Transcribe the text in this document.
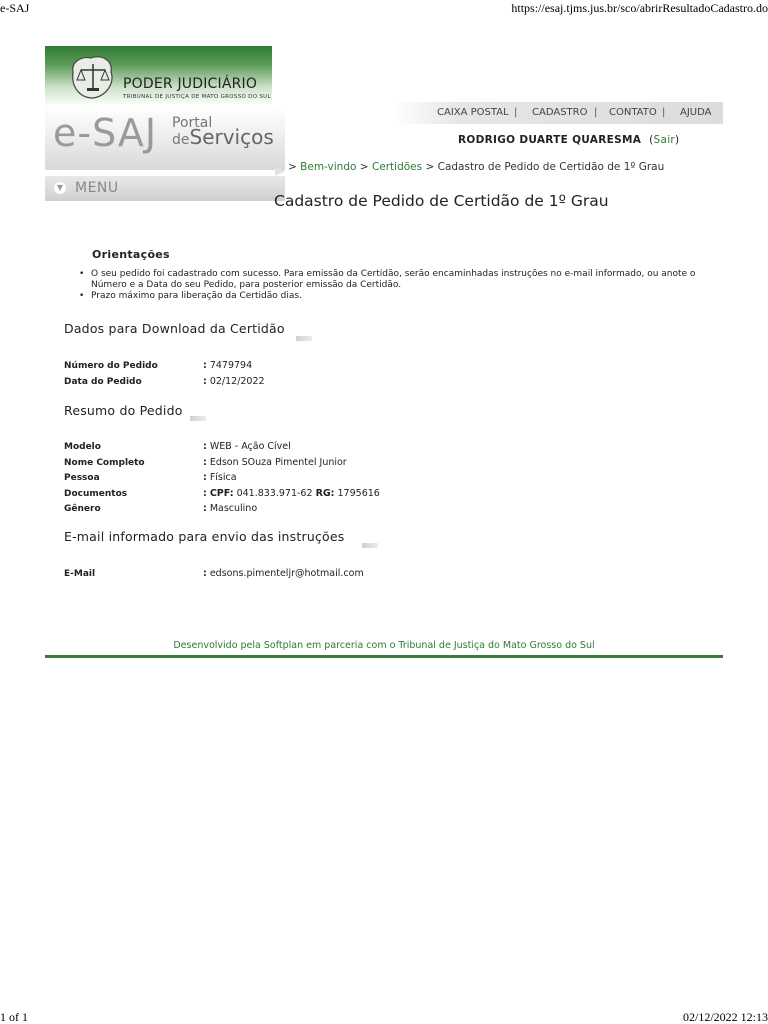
e-SAJ	https://esaj.tjms.jus.br/sco/abrirResultadoCadastro.do
PODER JUDICIÁRIO
TRIBUNAL DE JUSTIÇA DE MATO GROSSO DO SUL
e-SAJ Portal
deServiços
▼ MENU
CAIXA POSTAL | CADASTRO | CONTATO | AJUDA
RODRIGO DUARTE QUARESMA (Sair)
> Bem-vindo > Certidões > Cadastro de Pedido de Certidão de 1º Grau
Cadastro de Pedido de Certidão de 1º Grau
Orientações
• O seu pedido foi cadastrado com sucesso. Para emissão da Certidão, serão encaminhadas instruções no e-mail informado, ou anote o Número e a Data do seu Pedido, para posterior emissão da Certidão.
• Prazo máximo para liberação da Certidão dias.
Dados para Download da Certidão
Número do Pedido	: 7479794
Data do Pedido	: 02/12/2022
Resumo do Pedido
Modelo	: WEB - Ação Cível
Nome Completo	: Edson SOuza Pimentel Junior
Pessoa	: Física
Documentos	: CPF: 041.833.971-62 RG: 1795616
Gênero	: Masculino
E-mail informado para envio das instruções
E-Mail	: edsons.pimenteljr@hotmail.com
Desenvolvido pela Softplan em parceria com o Tribunal de Justiça do Mato Grosso do Sul
1 of 1	02/12/2022 12:13
